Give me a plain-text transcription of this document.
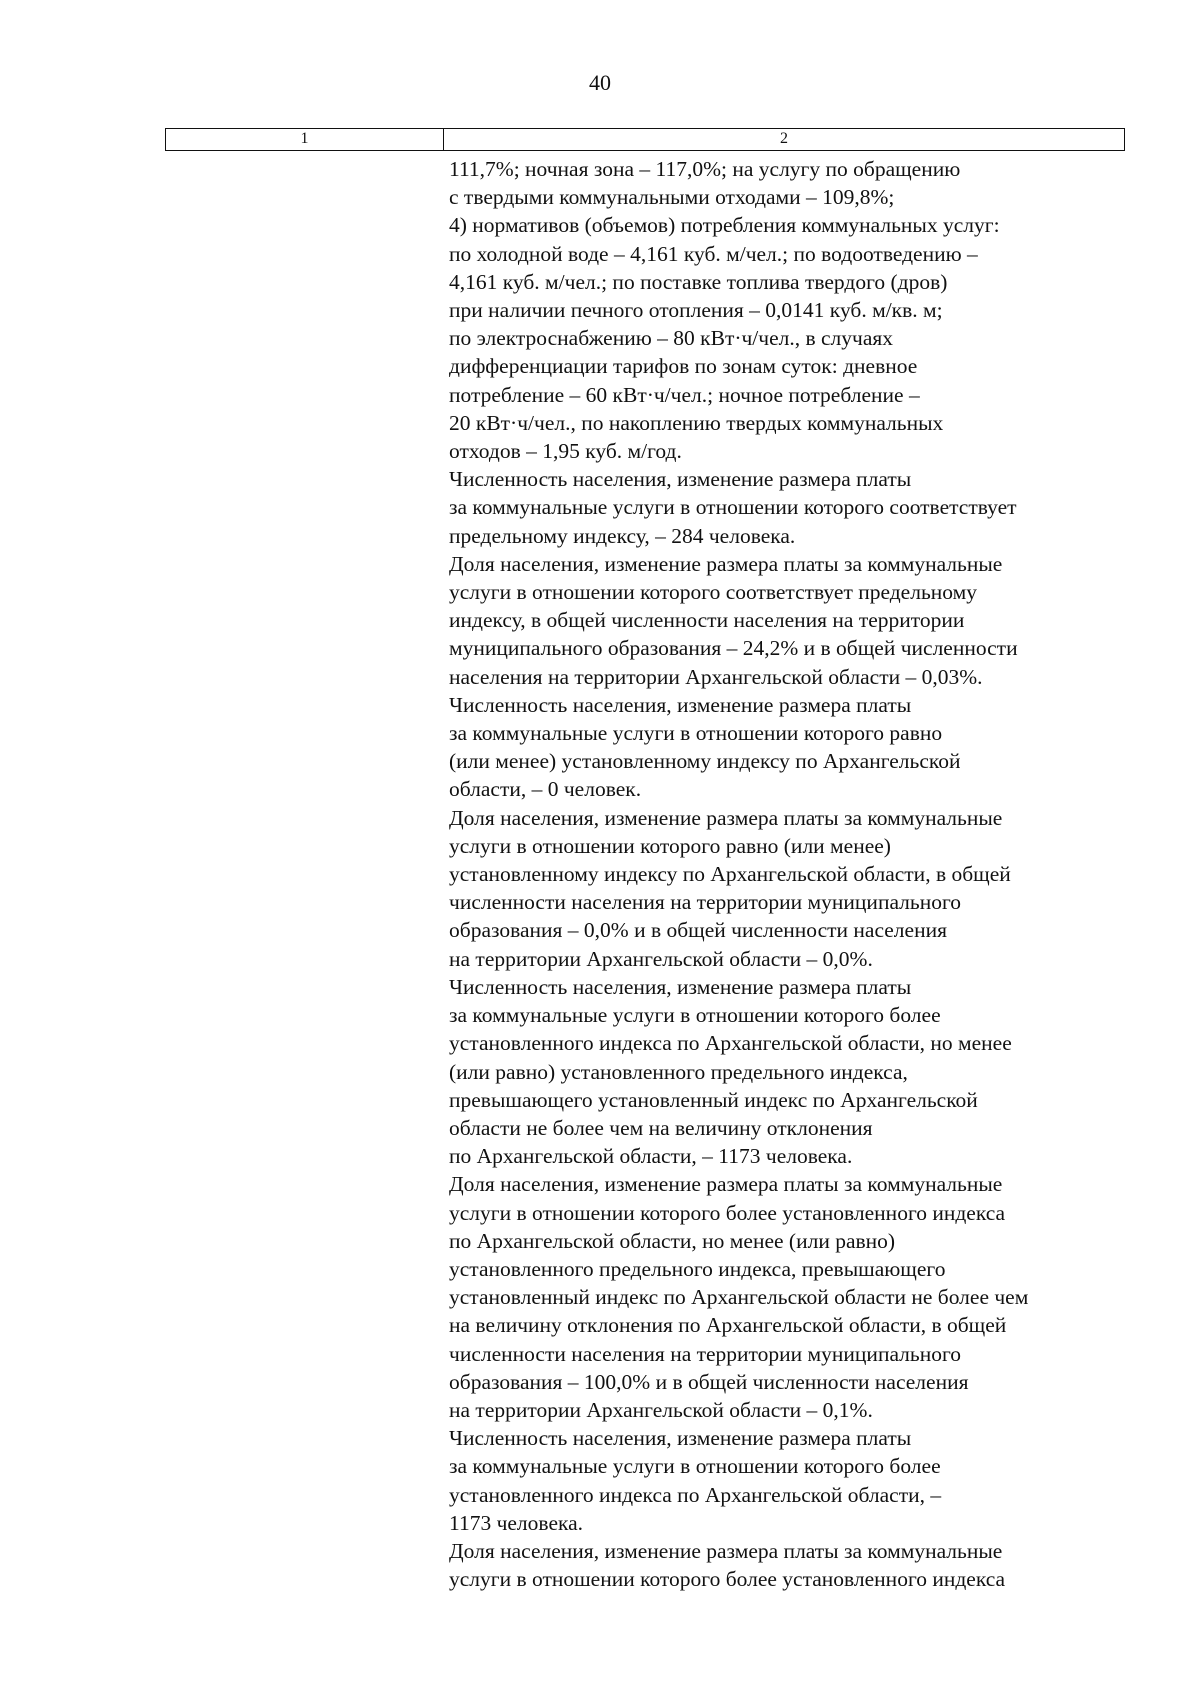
40
1	2
111,7%; ночная зона – 117,0%; на услугу по обращению
с твердыми коммунальными отходами – 109,8%;
4) нормативов (объемов) потребления коммунальных услуг:
по холодной воде – 4,161 куб. м/чел.; по водоотведению –
4,161 куб. м/чел.; по поставке топлива твердого (дров)
при наличии печного отопления – 0,0141 куб. м/кв. м;
по электроснабжению – 80 кВт·ч/чел., в случаях
дифференциации тарифов по зонам суток: дневное
потребление – 60 кВт·ч/чел.; ночное потребление –
20 кВт·ч/чел., по накоплению твердых коммунальных
отходов – 1,95 куб. м/год.
Численность населения, изменение размера платы
за коммунальные услуги в отношении которого соответствует
предельному индексу, – 284 человека.
Доля населения, изменение размера платы за коммунальные
услуги в отношении которого соответствует предельному
индексу, в общей численности населения на территории
муниципального образования – 24,2% и в общей численности
населения на территории Архангельской области – 0,03%.
Численность населения, изменение размера платы
за коммунальные услуги в отношении которого равно
(или менее) установленному индексу по Архангельской
области, – 0 человек.
Доля населения, изменение размера платы за коммунальные
услуги в отношении которого равно (или менее)
установленному индексу по Архангельской области, в общей
численности населения на территории муниципального
образования – 0,0% и в общей численности населения
на территории Архангельской области – 0,0%.
Численность населения, изменение размера платы
за коммунальные услуги в отношении которого более
установленного индекса по Архангельской области, но менее
(или равно) установленного предельного индекса,
превышающего установленный индекс по Архангельской
области не более чем на величину отклонения
по Архангельской области, – 1173 человека.
Доля населения, изменение размера платы за коммунальные
услуги в отношении которого более установленного индекса
по Архангельской области, но менее (или равно)
установленного предельного индекса, превышающего
установленный индекс по Архангельской области не более чем
на величину отклонения по Архангельской области, в общей
численности населения на территории муниципального
образования – 100,0% и в общей численности населения
на территории Архангельской области – 0,1%.
Численность населения, изменение размера платы
за коммунальные услуги в отношении которого более
установленного индекса по Архангельской области, –
1173 человека.
Доля населения, изменение размера платы за коммунальные
услуги в отношении которого более установленного индекса
